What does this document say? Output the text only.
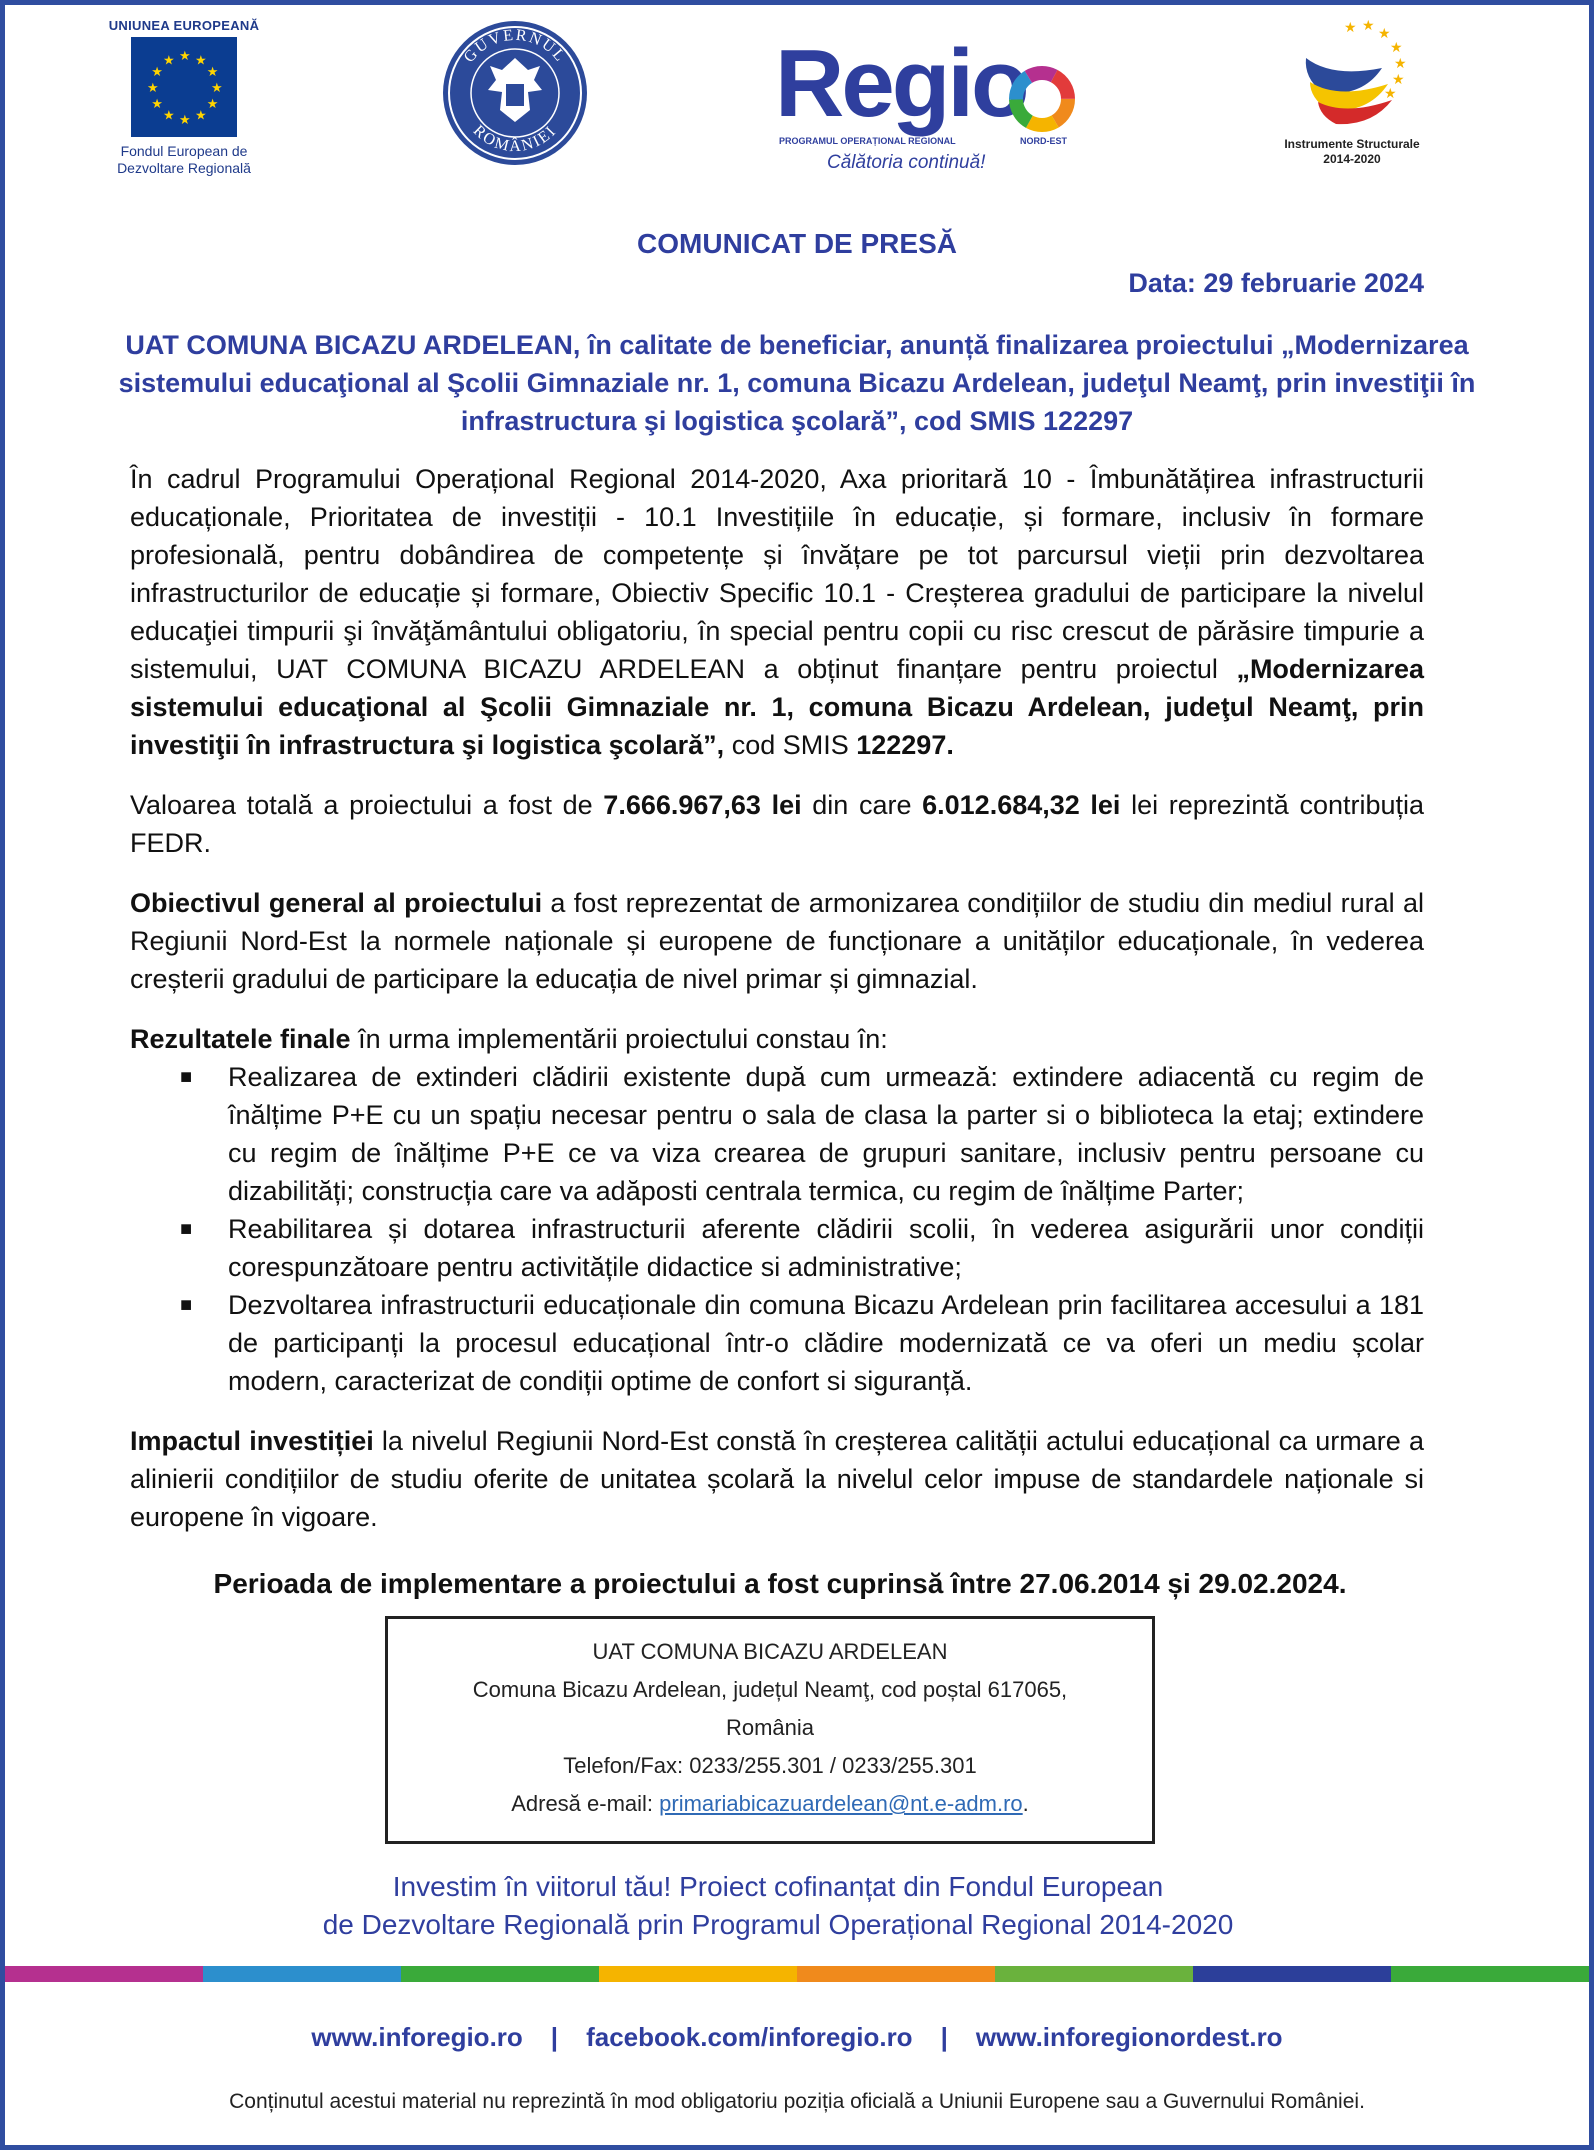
UNIUNEA EUROPEANĂ
★ ★
★
★
★
★
★
★
★
★
★
★
Fondul European de
Dezvoltare Regională
GUVERNUL
ROMÂNIEI Regio
PROGRAMUL OPERAȚIONAL REGIONAL	NORD-EST
Călătoria continuă!
★ ★ ★
★
★
★
★
Instrumente Structurale
2014-2020
COMUNICAT DE PRESĂ
Data: 29 februarie 2024
UAT COMUNA BICAZU ARDELEAN, în calitate de beneficiar, anunță finalizarea proiectului „Modernizarea sistemului educaţional al Şcolii Gimnaziale nr. 1, comuna Bicazu Ardelean, judeţul Neamţ, prin investiţii în infrastructura şi logistica şcolară”, cod SMIS 122297

În cadrul Programului Operațional Regional 2014-2020, Axa prioritară 10 - Îmbunătățirea infrastructurii educaționale, Prioritatea de investiții - 10.1 Investițiile în educație, și formare, inclusiv în formare profesională, pentru dobândirea de competențe și învățare pe tot parcursul vieții prin dezvoltarea infrastructurilor de educație și formare, Obiectiv Specific 10.1 - Creșterea gradului de participare la nivelul educaţiei timpurii şi învăţământului obligatoriu, în special pentru copii cu risc crescut de părăsire timpurie a sistemului, UAT COMUNA BICAZU ARDELEAN a obținut finanțare pentru proiectul „Modernizarea sistemului educaţional al Şcolii Gimnaziale nr. 1, comuna Bicazu Ardelean, judeţul Neamţ, prin investiţii în infrastructura şi logistica şcolară”, cod SMIS 122297.

Valoarea totală a proiectului a fost de 7.666.967,63 lei din care 6.012.684,32 lei lei reprezintă contribuția FEDR.

Obiectivul general al proiectului a fost reprezentat de armonizarea condițiilor de studiu din mediul rural al Regiunii Nord-Est la normele naționale și europene de funcționare a unităților educaționale, în vederea creșterii gradului de participare la educația de nivel primar și gimnazial.

Rezultatele finale în urma implementării proiectului constau în:

■ Realizarea de extinderi clădirii existente după cum urmează: extindere adiacentă cu regim de înălțime P+E cu un spațiu necesar pentru o sala de clasa la parter si o biblioteca la etaj; extindere cu regim de înălțime P+E ce va viza crearea de grupuri sanitare, inclusiv pentru persoane cu dizabilități; construcția care va adăposti centrala termica, cu regim de înălțime Parter;
■ Reabilitarea și dotarea infrastructurii aferente clădirii scolii, în vederea asigurării unor condiții corespunzătoare pentru activitățile didactice si administrative;
■ Dezvoltarea infrastructurii educaționale din comuna Bicazu Ardelean prin facilitarea accesului a 181 de participanți la procesul educațional într-o clădire modernizată ce va oferi un mediu școlar modern, caracterizat de condiții optime de confort si siguranță.

Impactul investiției la nivelul Regiunii Nord-Est constă în creșterea calității actului educațional ca urmare a alinierii condițiilor de studiu oferite de unitatea școlară la nivelul celor impuse de standardele naționale si europene în vigoare.

Perioada de implementare a proiectului a fost cuprinsă între 27.06.2014 și 29.02.2024.
UAT COMUNA BICAZU ARDELEAN
Comuna Bicazu Ardelean, județul Neamţ, cod poștal 617065,
România
Telefon/Fax: 0233/255.301 / 0233/255.301
Adresă e-mail: primariabicazuardelean@nt.e-adm.ro.
Investim în viitorul tău! Proiect cofinanțat din Fondul European
de Dezvoltare Regională prin Programul Operațional Regional 2014-2020
www.inforegio.ro | facebook.com/inforegio.ro | www.inforegionordest.ro
Conținutul acestui material nu reprezintă în mod obligatoriu poziția oficială a Uniunii Europene sau a Guvernului României.
